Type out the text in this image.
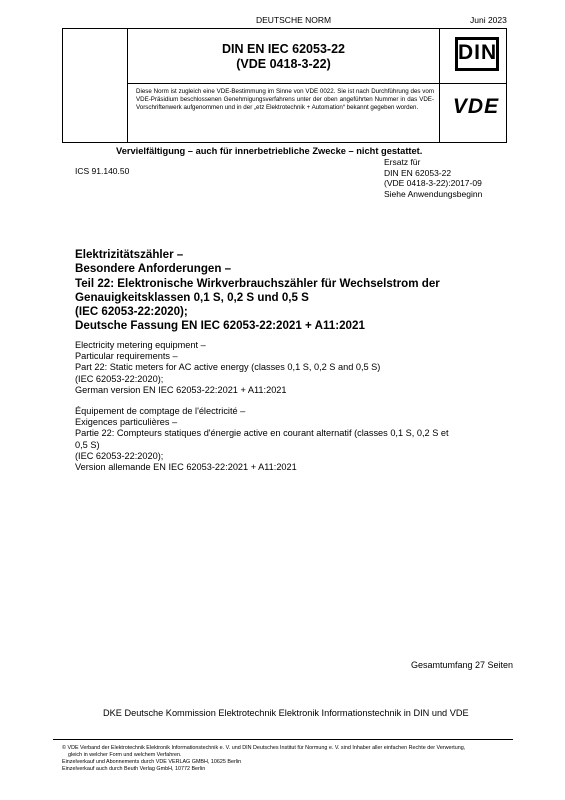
DEUTSCHE NORM	Juni 2023
DIN EN IEC 62053-22
(VDE 0418-3-22)
Diese Norm ist zugleich eine VDE-Bestimmung im Sinne von VDE 0022. Sie ist nach Durchführung des vom VDE-Präsidium beschlossenen Genehmigungsverfahrens unter der oben angeführten Nummer in das VDE-Vorschriftenwerk aufgenommen und in der „etz Elektrotechnik + Automation“ bekannt gegeben worden.
DIN
VDE
Vervielfältigung – auch für innerbetriebliche Zwecke – nicht gestattet.
ICS 91.140.50
Ersatz für
DIN EN 62053-22
(VDE 0418-3-22):2017-09
Siehe Anwendungsbeginn
Elektrizitätszähler –
Besondere Anforderungen –
Teil 22: Elektronische Wirkverbrauchszähler für Wechselstrom der
Genauigkeitsklassen 0,1 S, 0,2 S und 0,5 S
(IEC 62053-22:2020);
Deutsche Fassung EN IEC 62053-22:2021 + A11:2021
Electricity metering equipment –
Particular requirements –
Part 22: Static meters for AC active energy (classes 0,1 S, 0,2 S and 0,5 S)
(IEC 62053-22:2020);
German version EN IEC 62053-22:2021 + A11:2021
Équipement de comptage de l'électricité –
Exigences particulières –
Partie 22: Compteurs statiques d'énergie active en courant alternatif (classes 0,1 S, 0,2 S et
0,5 S)
(IEC 62053-22:2020);
Version allemande EN IEC 62053-22:2021 + A11:2021
Gesamtumfang 27 Seiten
DKE Deutsche Kommission Elektrotechnik Elektronik Informationstechnik in DIN und VDE
© VDE Verband der Elektrotechnik Elektronik Informationstechnik e. V. und DIN Deutsches Institut für Normung e. V. sind Inhaber aller einfachen Rechte der Verwertung,
gleich in welcher Form und welchem Verfahren.
Einzelverkauf und Abonnements durch VDE VERLAG GMBH, 10625 Berlin
Einzelverkauf auch durch Beuth Verlag GmbH, 10772 Berlin
